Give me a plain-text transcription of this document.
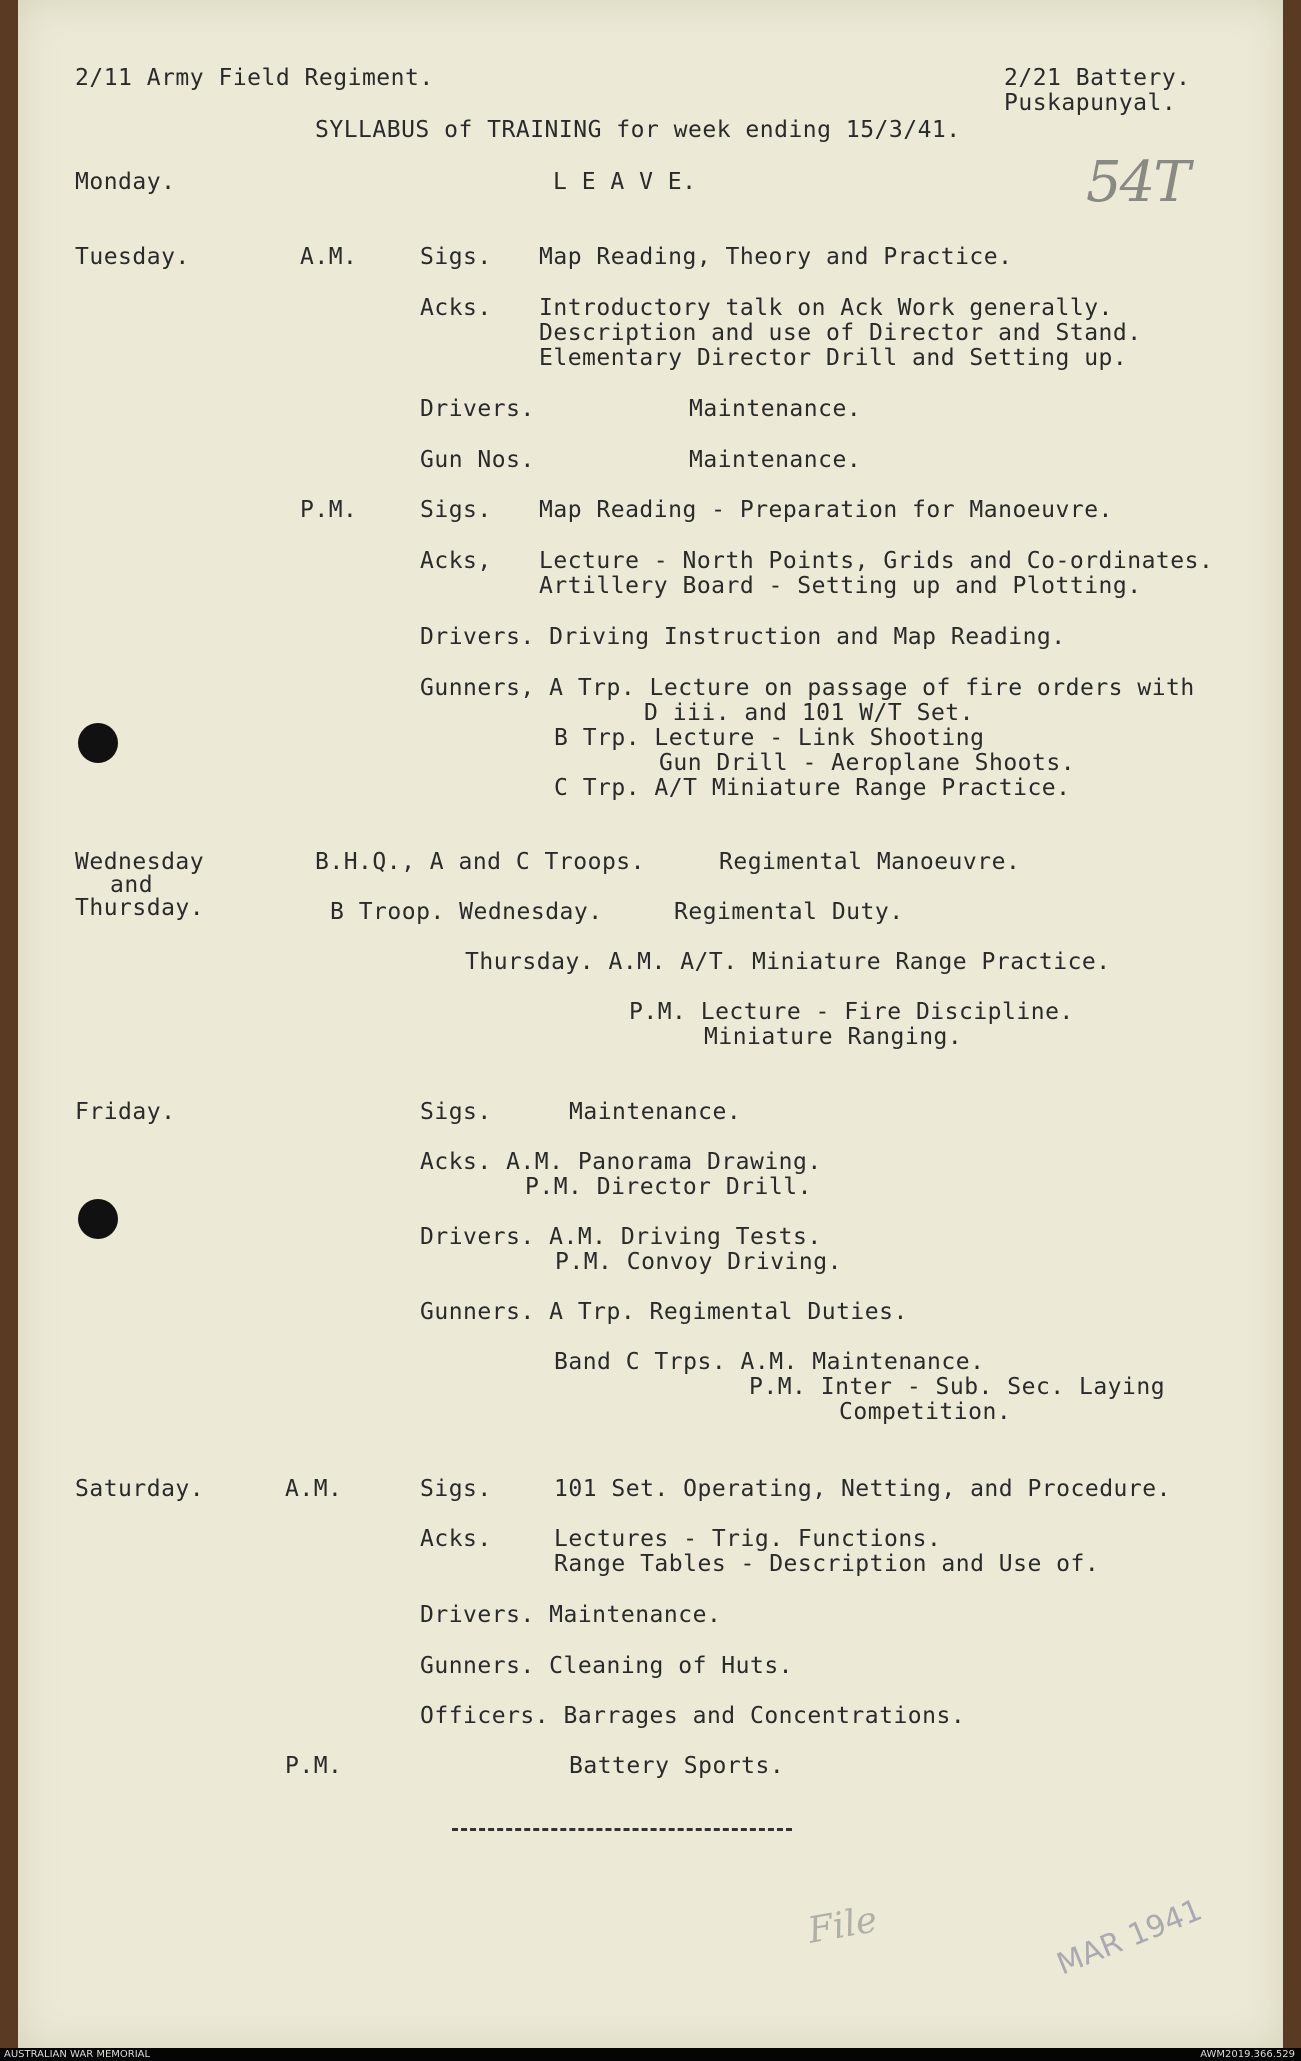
2/11 Army Field Regiment.	2/21 Battery.
Puskapunyal.
SYLLABUS of TRAINING for week ending 15/3/41.
54T
Monday.	L E A V E.
Tuesday.	A.M.	Sigs. Map Reading, Theory and Practice.
Acks. Introductory talk on Ack Work generally.
Description and use of Director and Stand.
Elementary Director Drill and Setting up.
Drivers.	Maintenance.
Gun Nos.	Maintenance.
P.M.	Sigs. Map Reading - Preparation for Manoeuvre.
Acks, Lecture - North Points, Grids and Co-ordinates.
Artillery Board - Setting up and Plotting.
Drivers. Driving Instruction and Map Reading.
Gunners, A Trp. Lecture on passage of fire orders with
D iii. and 101 W/T Set.
B Trp. Lecture - Link Shooting
Gun Drill - Aeroplane Shoots.
C Trp. A/T Miniature Range Practice.
Wednesday
and
Thursday.
B.H.Q., A and C Troops.	Regimental Manoeuvre.
B Troop. Wednesday.	Regimental Duty.
Thursday. A.M. A/T. Miniature Range Practice.
P.M. Lecture - Fire Discipline.
Miniature Ranging.
Friday.	Sigs.	Maintenance.
Acks. A.M. Panorama Drawing.
P.M. Director Drill.
Drivers. A.M. Driving Tests.
P.M. Convoy Driving.
Gunners. A Trp. Regimental Duties.
Band C Trps. A.M. Maintenance.
P.M. Inter - Sub. Sec. Laying
Competition.
Saturday.	A.M.	Sigs.	101 Set. Operating, Netting, and Procedure.
Acks.	Lectures - Trig. Functions.
Range Tables - Description and Use of.
Drivers. Maintenance.
Gunners. Cleaning of Huts.
Officers. Barrages and Concentrations.
P.M.	Battery Sports.
File	MAR 1941
AUSTRALIAN WAR MEMORIAL	AWM2019.366.529
